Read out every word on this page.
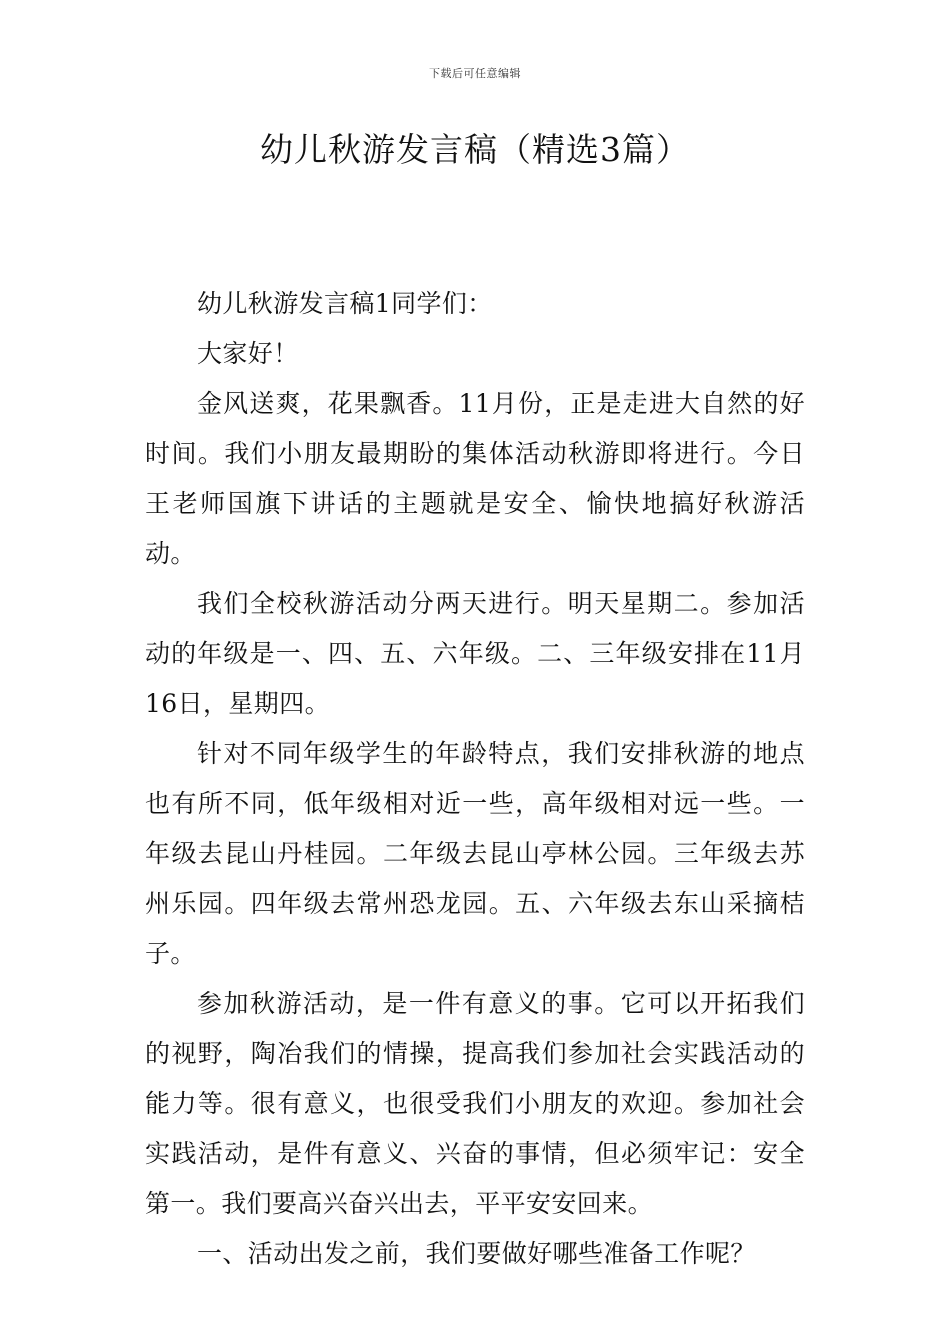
下载后可任意编辑
幼儿秋游发言稿（精选3篇）

幼儿秋游发言稿1同学们：

大家好！

金风送爽，花果飘香。11月份，正是走进大自然的好时间。我们小朋友最期盼的集体活动秋游即将进行。今日王老师国旗下讲话的主题就是安全、愉快地搞好秋游活动。

我们全校秋游活动分两天进行。明天星期二。参加活动的年级是一、四、五、六年级。二、三年级安排在11月16日，星期四。

针对不同年级学生的年龄特点，我们安排秋游的地点也有所不同，低年级相对近一些，高年级相对远一些。一年级去昆山丹桂园。二年级去昆山亭林公园。三年级去苏州乐园。四年级去常州恐龙园。五、六年级去东山采摘桔子。

参加秋游活动，是一件有意义的事。它可以开拓我们的视野，陶冶我们的情操，提高我们参加社会实践活动的能力等。很有意义，也很受我们小朋友的欢迎。参加社会实践活动，是件有意义、兴奋的事情，但必须牢记：安全第一。我们要高兴奋兴出去，平平安安回来。

一、活动出发之前，我们要做好哪些准备工作呢？
